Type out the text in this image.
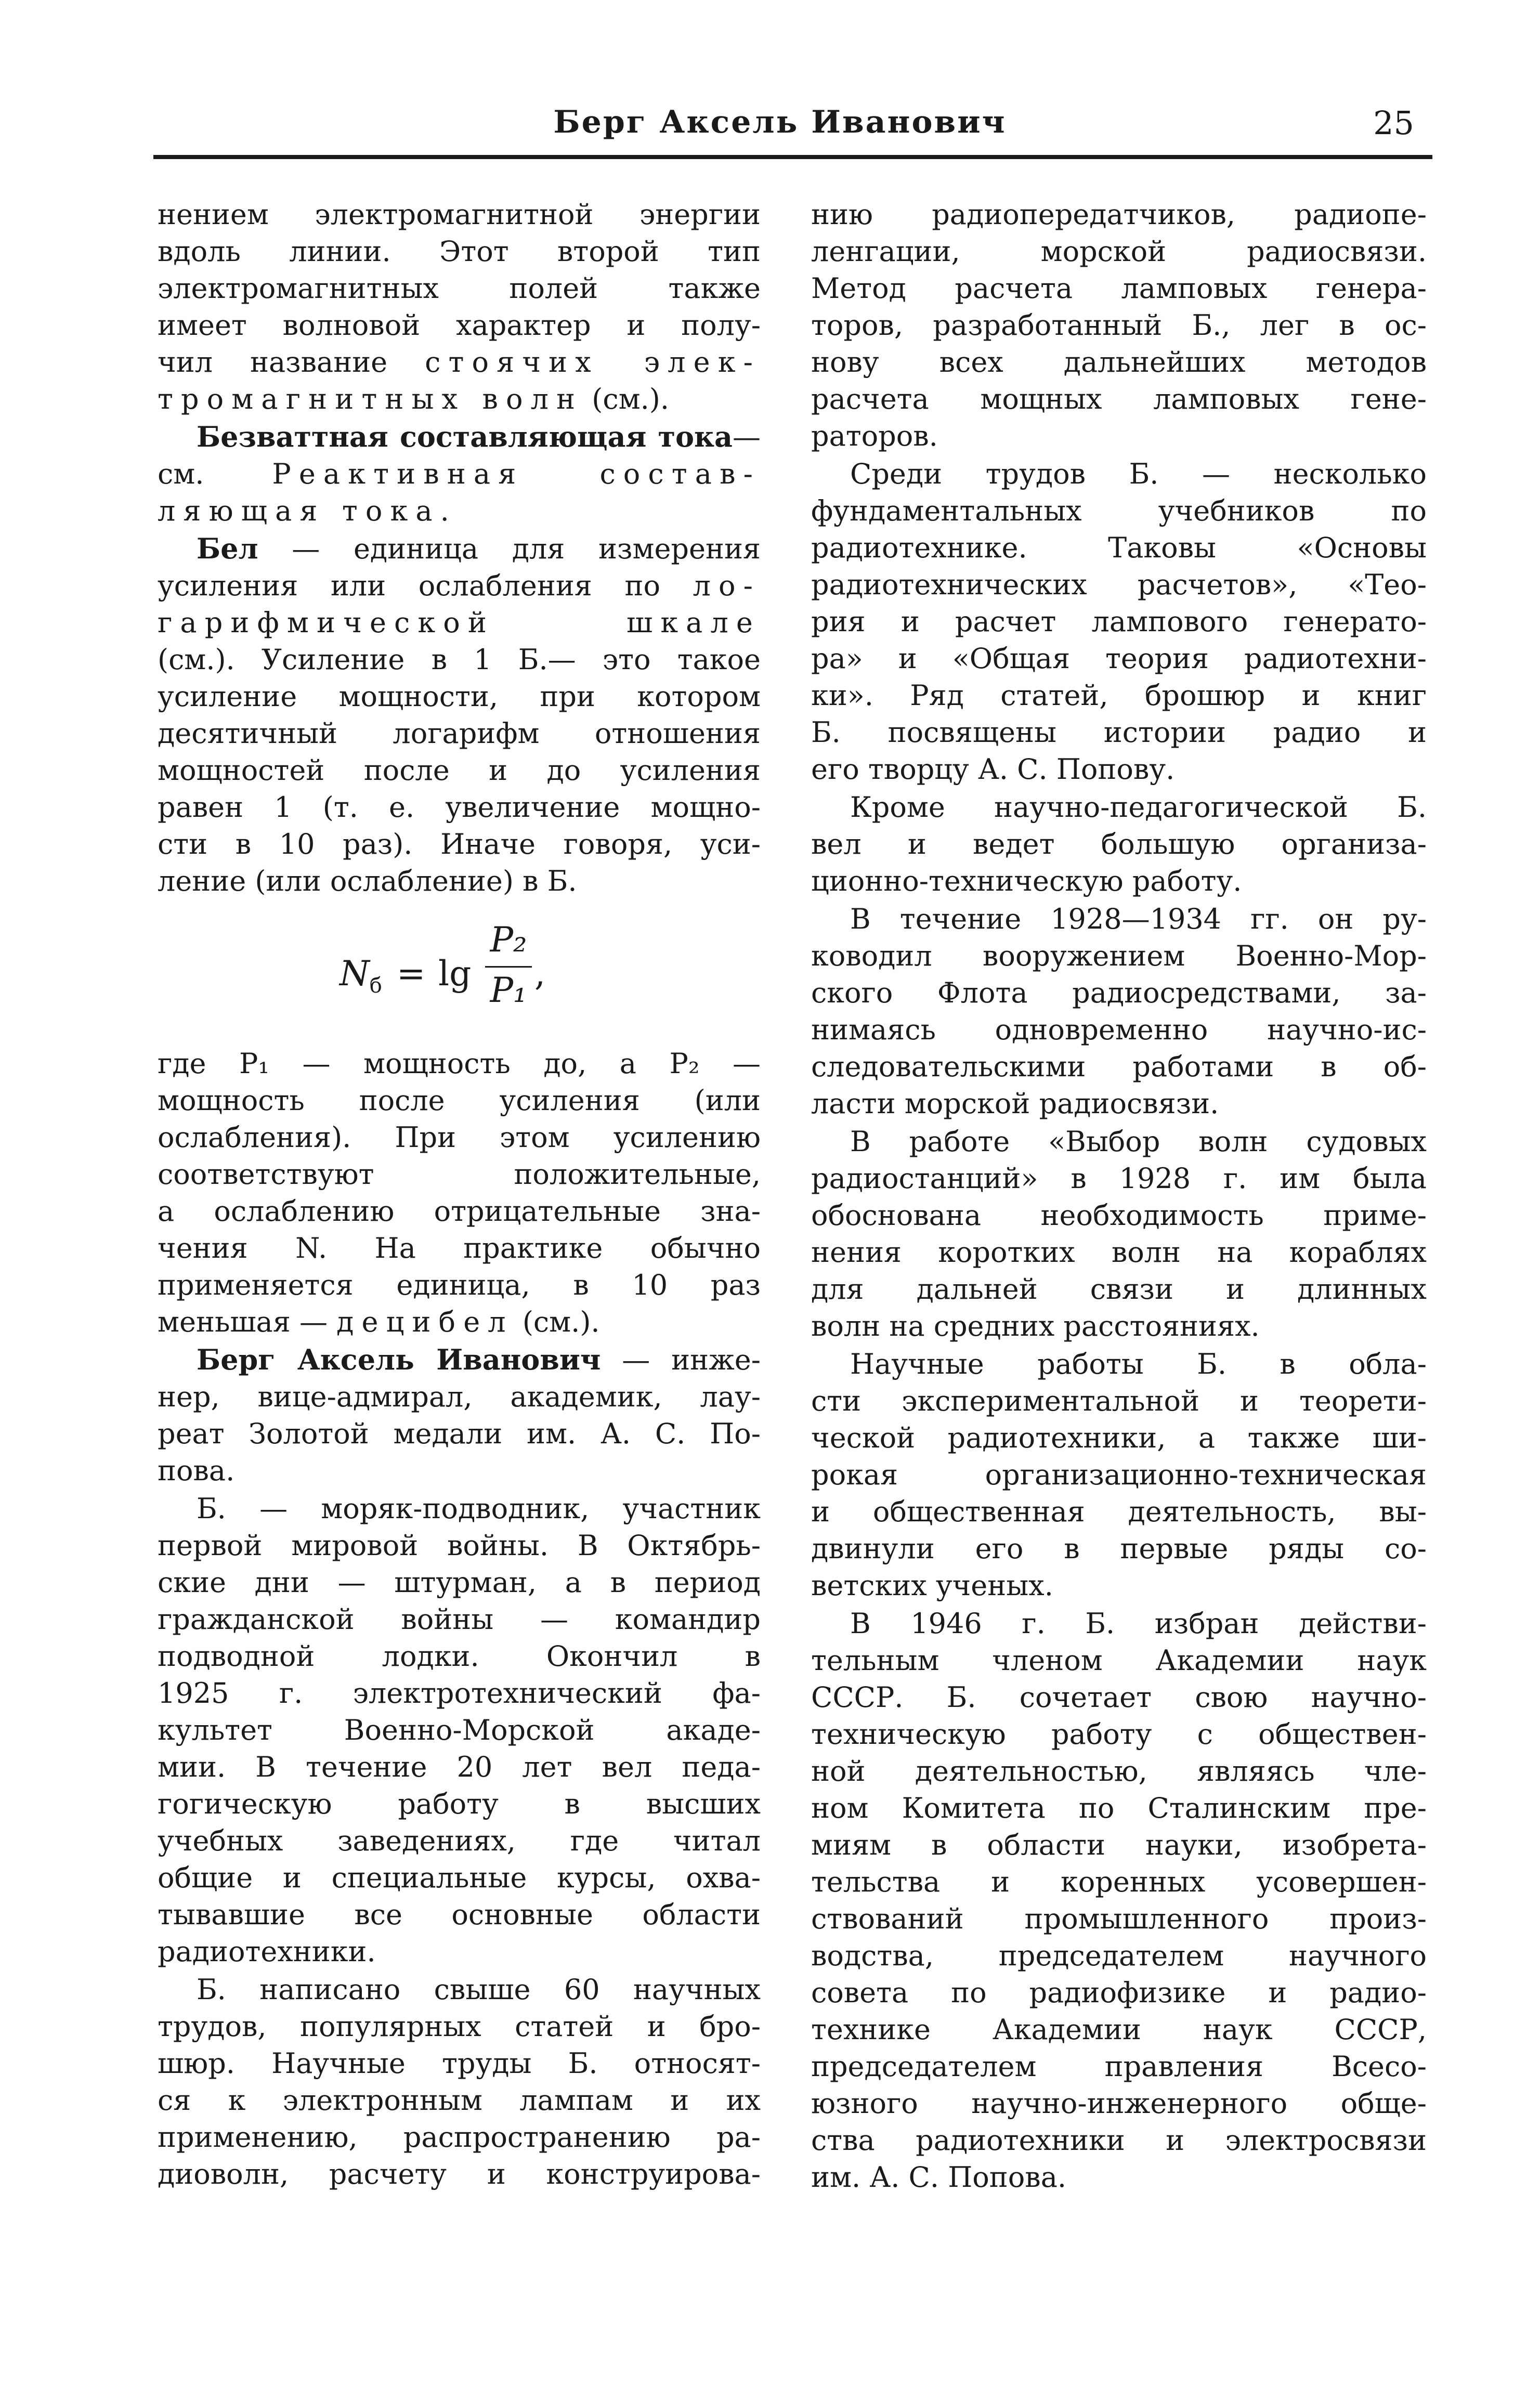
Берг Аксель Иванович	25
нением электромагнитной энергии
вдоль линии. Этот второй тип
электромагнитных полей также
имеет волновой характер и полу-
чил название стоячих элек-
тромагнитных волн (см.).
Безваттная составляющая тока—
см. Реактивная состав-
ляющая тока.
Бел — единица для измерения
усиления или ослабления по ло-
гарифмической шкале
(см.). Усиление в 1 Б.— это такое
усиление мощности, при котором
десятичный логарифм отношения
мощностей после и до усиления
равен 1 (т. е. увеличение мощно-
сти в 10 раз). Иначе говоря, уси-
ление (или ослабление) в Б.
$N_б = \lg$
P₂
P₁ ,
где P₁ — мощность до, а P₂ —
мощность после усиления (или
ослабления). При этом усилению
соответствуют положительные,
а ослаблению отрицательные зна-
чения N. На практике обычно
применяется единица, в 10 раз
меньшая — децибел (см.).
Берг Аксель Иванович — инже-
нер, вице-адмирал, академик, лау-
реат Золотой медали им. А. С. По-
пова.
Б. — моряк-подводник, участник
первой мировой войны. В Октябрь-
ские дни — штурман, а в период
гражданской войны — командир
подводной лодки. Окончил в
1925 г. электротехнический фа-
культет Военно-Морской акаде-
мии. В течение 20 лет вел педа-
гогическую работу в высших
учебных заведениях, где читал
общие и специальные курсы, охва-
тывавшие все основные области
радиотехники.
Б. написано свыше 60 научных
трудов, популярных статей и бро-
шюр. Научные труды Б. относят-
ся к электронным лампам и их
применению, распространению ра-
диоволн, расчету и конструирова-
нию радиопередатчиков, радиопе-
ленгации, морской радиосвязи.
Метод расчета ламповых генера-
торов, разработанный Б., лег в ос-
нову всех дальнейших методов
расчета мощных ламповых гене-
раторов.
Среди трудов Б. — несколько
фундаментальных учебников по
радиотехнике. Таковы «Основы
радиотехнических расчетов», «Тео-
рия и расчет лампового генерато-
ра» и «Общая теория радиотехни-
ки». Ряд статей, брошюр и книг
Б. посвящены истории радио и
его творцу А. С. Попову.
Кроме научно-педагогической Б.
вел и ведет большую организа-
ционно-техническую работу.
В течение 1928—1934 гг. он ру-
ководил вооружением Военно-Мор-
ского Флота радиосредствами, за-
нимаясь одновременно научно-ис-
следовательскими работами в об-
ласти морской радиосвязи.
В работе «Выбор волн судовых
радиостанций» в 1928 г. им была
обоснована необходимость приме-
нения коротких волн на кораблях
для дальней связи и длинных
волн на средних расстояниях.
Научные работы Б. в обла-
сти экспериментальной и теорети-
ческой радиотехники, а также ши-
рокая организационно-техническая
и общественная деятельность, вы-
двинули его в первые ряды со-
ветских ученых.
В 1946 г. Б. избран действи-
тельным членом Академии наук
СССР. Б. сочетает свою научно-
техническую работу с обществен-
ной деятельностью, являясь чле-
ном Комитета по Сталинским пре-
миям в области науки, изобрета-
тельства и коренных усовершен-
ствований промышленного произ-
водства, председателем научного
совета по радиофизике и радио-
технике Академии наук СССР,
председателем правления Всесо-
юзного научно-инженерного обще-
ства радиотехники и электросвязи
им. А. С. Попова.
